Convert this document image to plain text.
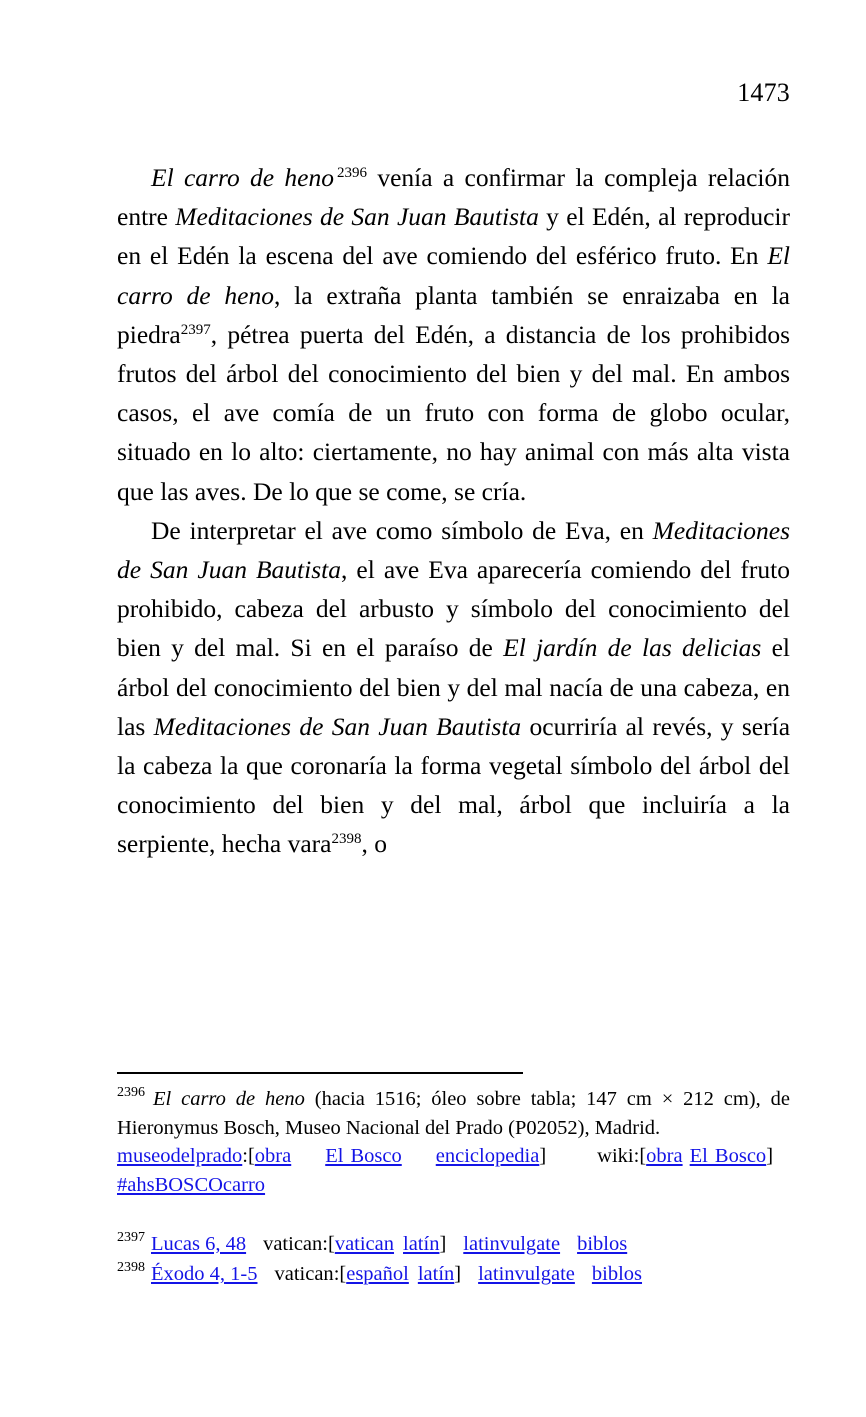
1473

El carro de heno $^{2396}$ venía a confirmar la compleja relación entre Meditaciones de San Juan Bautista y el Edén, al reproducir en el Edén la escena del ave comiendo del esférico fruto. En El carro de heno, la extraña planta también se enraizaba en la piedra$^{2397}$, pétrea puerta del Edén, a distancia de los prohibidos frutos del árbol del conocimiento del bien y del mal. En ambos casos, el ave comía de un fruto con forma de globo ocular, situado en lo alto: ciertamente, no hay animal con más alta vista que las aves. De lo que se come, se cría.

De interpretar el ave como símbolo de Eva, en Meditaciones de San Juan Bautista, el ave Eva aparecería comiendo del fruto prohibido, cabeza del arbusto y símbolo del conocimiento del bien y del mal. Si en el paraíso de El jardín de las delicias el árbol del conocimiento del bien y del mal nacía de una cabeza, en las Meditaciones de San Juan Bautista ocurriría al revés, y sería la cabeza la que coronaría la forma vegetal símbolo del árbol del conocimiento del bien y del mal, árbol que incluiría a la serpiente, hecha vara$^{2398}$, o

$^{2396}$ El carro de heno (hacia 1516; óleo sobre tabla; 147 cm × 212 cm), de Hieronymus Bosch, Museo Nacional del Prado (P02052), Madrid.
museodelprado:[obra El Bosco enciclopedia] wiki:[obra El Bosco]#ahsBOSCOcarro
$^{2397}$ Lucas 6, 48 vatican:[vatican latín] latinvulgate biblos
$^{2398}$ Éxodo 4, 1-5 vatican:[español latín] latinvulgate biblos
